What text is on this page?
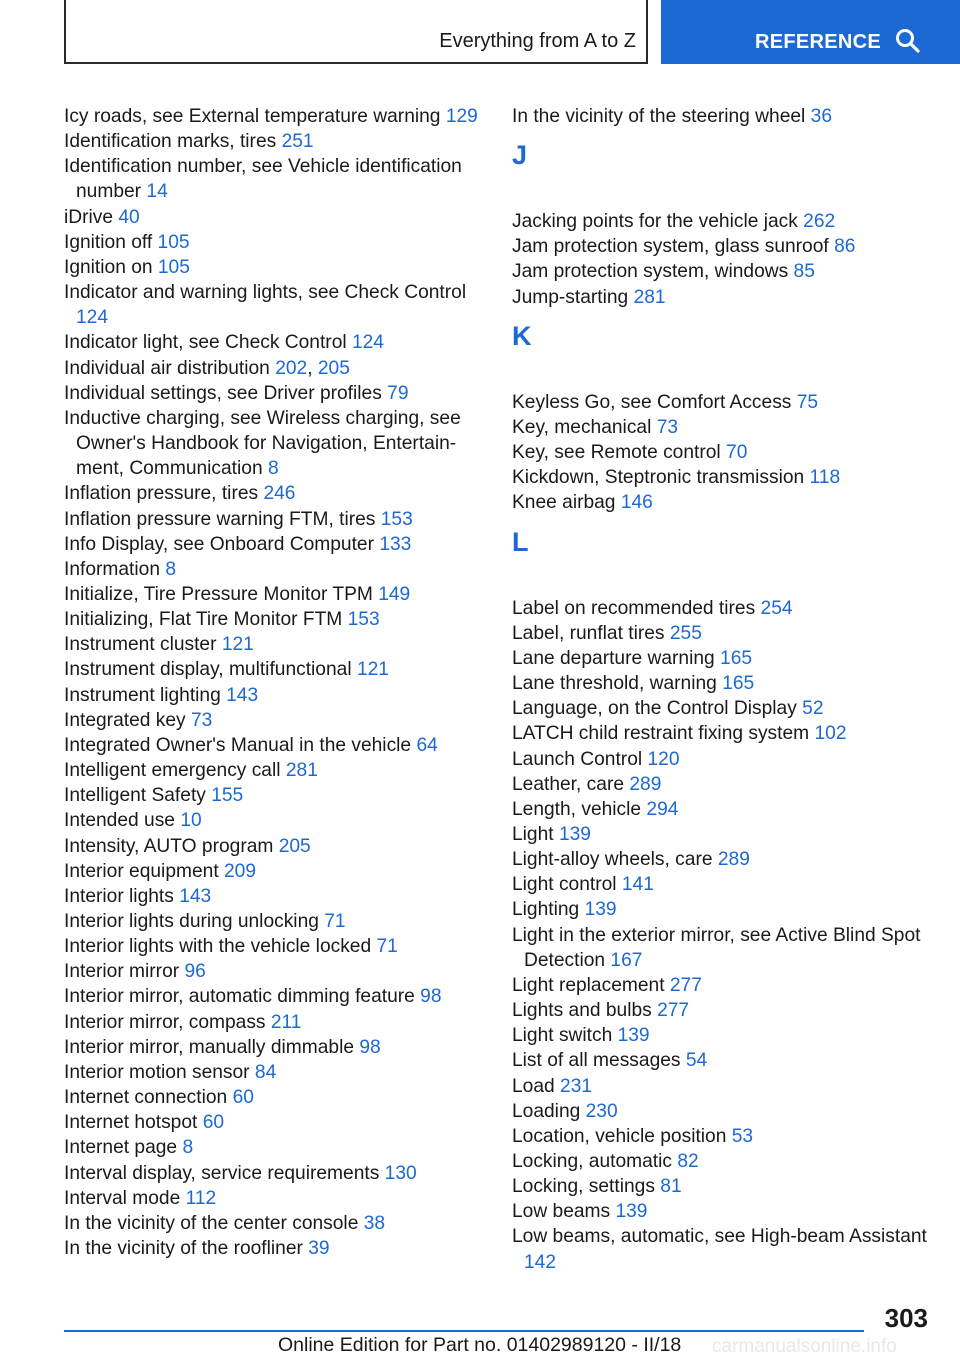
Everything from A to Z	REFERENCE
Icy roads, see External temperature warning 129
Identification marks, tires 251
Identification number, see Vehicle identification number 14
iDrive 40
Ignition off 105
Ignition on 105
Indicator and warning lights, see Check Control 124
Indicator light, see Check Control 124
Individual air distribution 202, 205
Individual settings, see Driver profiles 79
Inductive charging, see Wireless charging, see Owner's Handbook for Navigation, Entertainment, Communication 8
Inflation pressure, tires 246
Inflation pressure warning FTM, tires 153
Info Display, see Onboard Computer 133
Information 8
Initialize, Tire Pressure Monitor TPM 149
Initializing, Flat Tire Monitor FTM 153
Instrument cluster 121
Instrument display, multifunctional 121
Instrument lighting 143
Integrated key 73
Integrated Owner's Manual in the vehicle 64
Intelligent emergency call 281
Intelligent Safety 155
Intended use 10
Intensity, AUTO program 205
Interior equipment 209
Interior lights 143
Interior lights during unlocking 71
Interior lights with the vehicle locked 71
Interior mirror 96
Interior mirror, automatic dimming feature 98
Interior mirror, compass 211
Interior mirror, manually dimmable 98
Interior motion sensor 84
Internet connection 60
Internet hotspot 60
Internet page 8
Interval display, service requirements 130
Interval mode 112
In the vicinity of the center console 38
In the vicinity of the roofliner 39
In the vicinity of the steering wheel 36
J
Jacking points for the vehicle jack 262
Jam protection system, glass sunroof 86
Jam protection system, windows 85
Jump-starting 281
K
Keyless Go, see Comfort Access 75
Key, mechanical 73
Key, see Remote control 70
Kickdown, Steptronic transmission 118
Knee airbag 146
L
Label on recommended tires 254
Label, runflat tires 255
Lane departure warning 165
Lane threshold, warning 165
Language, on the Control Display 52
LATCH child restraint fixing system 102
Launch Control 120
Leather, care 289
Length, vehicle 294
Light 139
Light-alloy wheels, care 289
Light control 141
Lighting 139
Light in the exterior mirror, see Active Blind Spot Detection 167
Light replacement 277
Lights and bulbs 277
Light switch 139
List of all messages 54
Load 231
Loading 230
Location, vehicle position 53
Locking, automatic 82
Locking, settings 81
Low beams 139
Low beams, automatic, see High-beam Assistant 142
303
Online Edition for Part no. 01402989120 - II/18 carmanualsonline.info
